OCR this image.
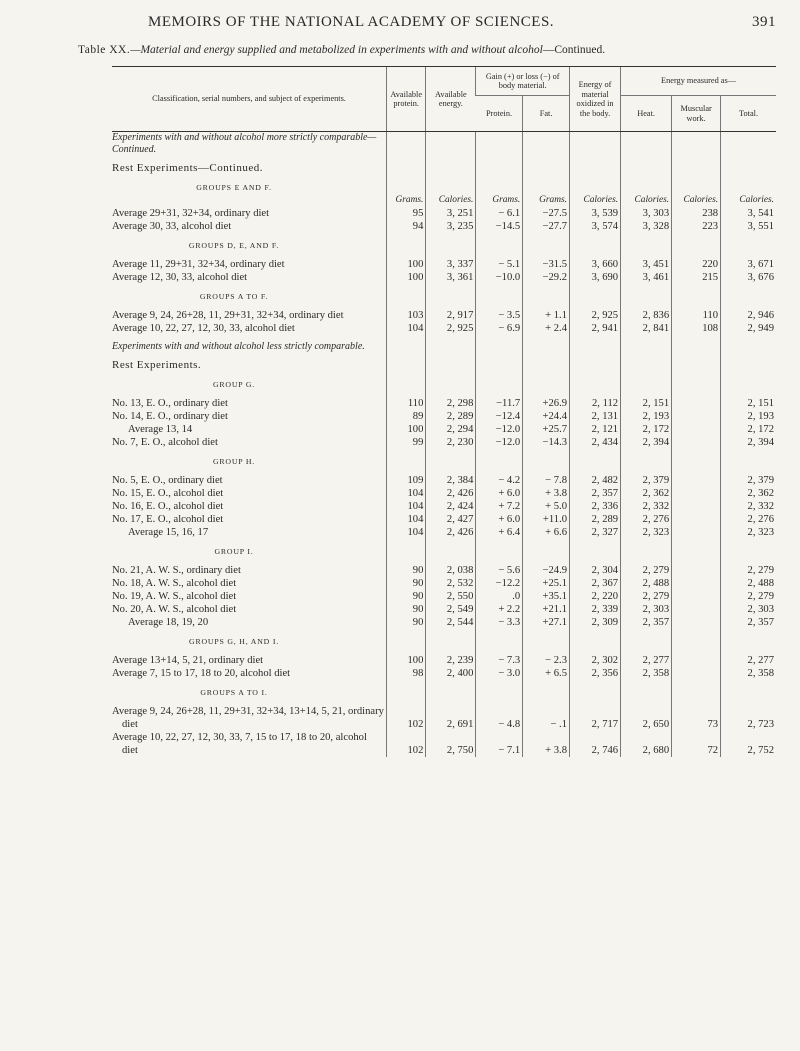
MEMOIRS OF THE NATIONAL ACADEMY OF SCIENCES.	391
Table XX.—Material and energy supplied and metabolized in experiments with and without alcohol—Continued.
Classification, serial numbers, and subject of experiments.	Available protein.	Available energy.	Gain (+) or loss (−) of body material.		Energy of material oxidized in the body.	Energy measured as—		
			Protein.	Fat.		Heat.	Muscular work.	Total.
Experiments with and without alcohol more strictly comparable—Continued.								

Rest Experiments—Continued.								

GROUPS E AND F.								
	Grams.	Calories.	Grams.	Grams.	Calories.	Calories.	Calories.	Calories.
Average 29+31, 32+34, ordinary diet	95	3, 251	− 6.1	−27.5	3, 539	3, 303	238	3, 541
Average 30, 33, alcohol diet	94	3, 235	−14.5	−27.7	3, 574	3, 328	223	3, 551

GROUPS D, E, AND F.								

Average 11, 29+31, 32+34, ordinary diet	100	3, 337	− 5.1	−31.5	3, 660	3, 451	220	3, 671
Average 12, 30, 33, alcohol diet	100	3, 361	−10.0	−29.2	3, 690	3, 461	215	3, 676

GROUPS A TO F.								

Average 9, 24, 26+28, 11, 29+31, 32+34, ordinary diet	103	2, 917	− 3.5	+ 1.1	2, 925	2, 836	110	2, 946
Average 10, 22, 27, 12, 30, 33, alcohol diet	104	2, 925	− 6.9	+ 2.4	2, 941	2, 841	108	2, 949

Experiments with and without alcohol less strictly comparable.								

Rest Experiments.								

GROUP G.								

No. 13, E. O., ordinary diet	110	2, 298	−11.7	+26.9	2, 112	2, 151		2, 151
No. 14, E. O., ordinary diet	89	2, 289	−12.4	+24.4	2, 131	2, 193		2, 193
Average 13, 14	100	2, 294	−12.0	+25.7	2, 121	2, 172		2, 172
No. 7, E. O., alcohol diet	99	2, 230	−12.0	−14.3	2, 434	2, 394		2, 394

GROUP H.								

No. 5, E. O., ordinary diet	109	2, 384	− 4.2	− 7.8	2, 482	2, 379		2, 379
No. 15, E. O., alcohol diet	104	2, 426	+ 6.0	+ 3.8	2, 357	2, 362		2, 362
No. 16, E. O., alcohol diet	104	2, 424	+ 7.2	+ 5.0	2, 336	2, 332		2, 332
No. 17, E. O., alcohol diet	104	2, 427	+ 6.0	+11.0	2, 289	2, 276		2, 276
Average 15, 16, 17	104	2, 426	+ 6.4	+ 6.6	2, 327	2, 323		2, 323

GROUP I.								

No. 21, A. W. S., ordinary diet	90	2, 038	− 5.6	−24.9	2, 304	2, 279		2, 279
No. 18, A. W. S., alcohol diet	90	2, 532	−12.2	+25.1	2, 367	2, 488		2, 488
No. 19, A. W. S., alcohol diet	90	2, 550	.0	+35.1	2, 220	2, 279		2, 279
No. 20, A. W. S., alcohol diet	90	2, 549	+ 2.2	+21.1	2, 339	2, 303		2, 303
Average 18, 19, 20	90	2, 544	− 3.3	+27.1	2, 309	2, 357		2, 357

GROUPS G, H, AND I.								

Average 13+14, 5, 21, ordinary diet	100	2, 239	− 7.3	− 2.3	2, 302	2, 277		2, 277
Average 7, 15 to 17, 18 to 20, alcohol diet	98	2, 400	− 3.0	+ 6.5	2, 356	2, 358		2, 358

GROUPS A TO I.								

Average 9, 24, 26+28, 11, 29+31, 32+34, 13+14, 5, 21, ordinary diet	102	2, 691	− 4.8	− .1	2, 717	2, 650	73	2, 723
Average 10, 22, 27, 12, 30, 33, 7, 15 to 17, 18 to 20, alcohol diet	102	2, 750	− 7.1	+ 3.8	2, 746	2, 680	72	2, 752
